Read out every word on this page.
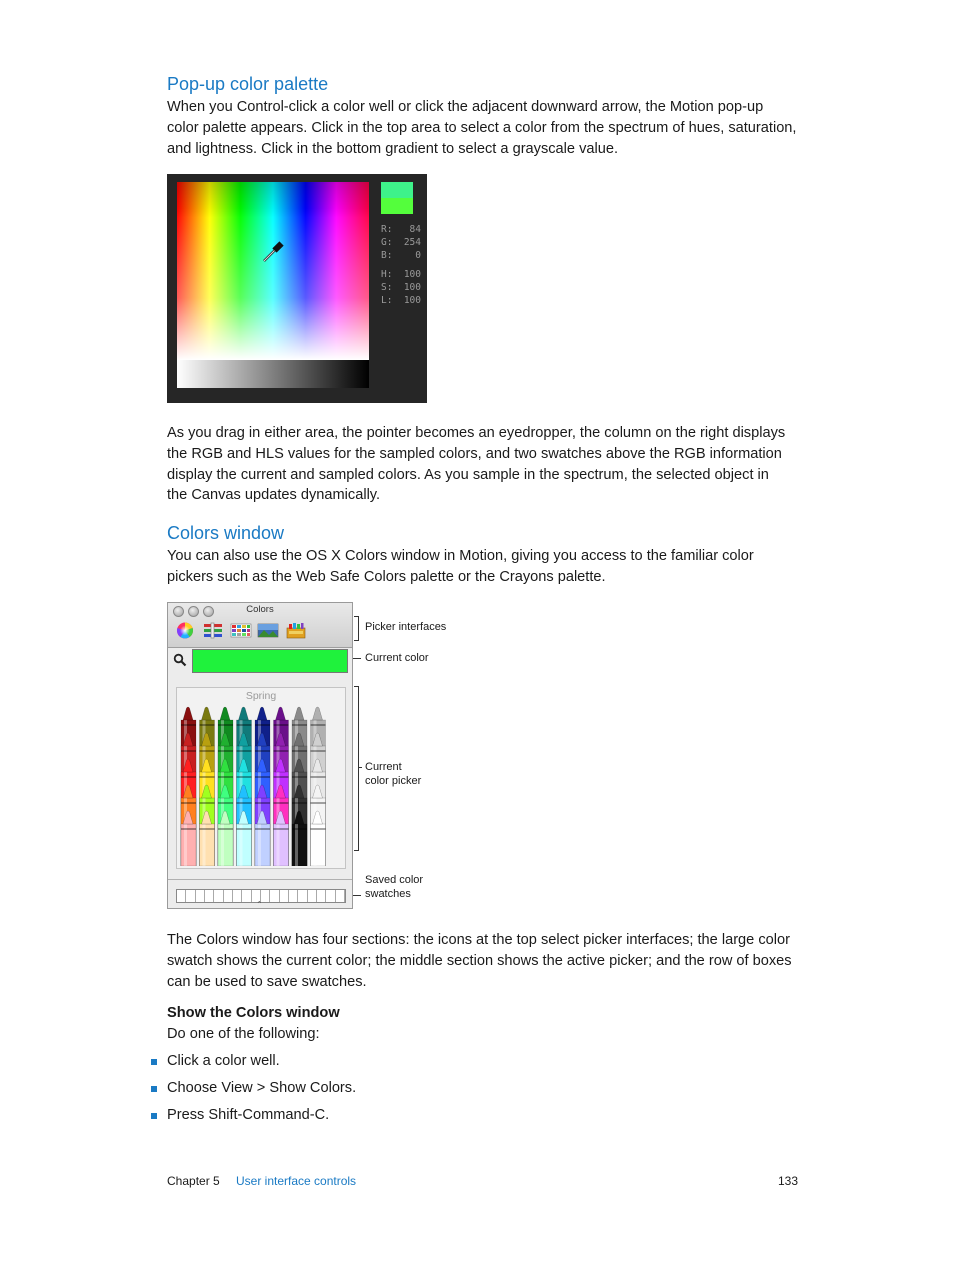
Pop-up color palette
When you Control-click a color well or click the adjacent downward arrow, the Motion pop-up
color palette appears. Click in the top area to select a color from the spectrum of hues, saturation,
and lightness. Click in the bottom gradient to select a grayscale value.
R: 84
G: 254
B: 0
H: 100
S: 100
L: 100
As you drag in either area, the pointer becomes an eyedropper, the column on the right displays
the RGB and HLS values for the sampled colors, and two swatches above the RGB information
display the current and sampled colors. As you sample in the spectrum, the selected object in
the Canvas updates dynamically.
Colors window
You can also use the OS X Colors window in Motion, giving you access to the familiar color
pickers such as the Web Safe Colors palette or the Crayons palette.
Colors
Spring
⌃
Picker interfaces
Current color
Current
color picker
Saved color
swatches
The Colors window has four sections: the icons at the top select picker interfaces; the large color
swatch shows the current color; the middle section shows the active picker; and the row of boxes
can be used to save swatches.
Show the Colors window
Do one of the following:
Click a color well.
Choose View > Show Colors.
Press Shift-Command-C.
Chapter 5 User interface controls	133
